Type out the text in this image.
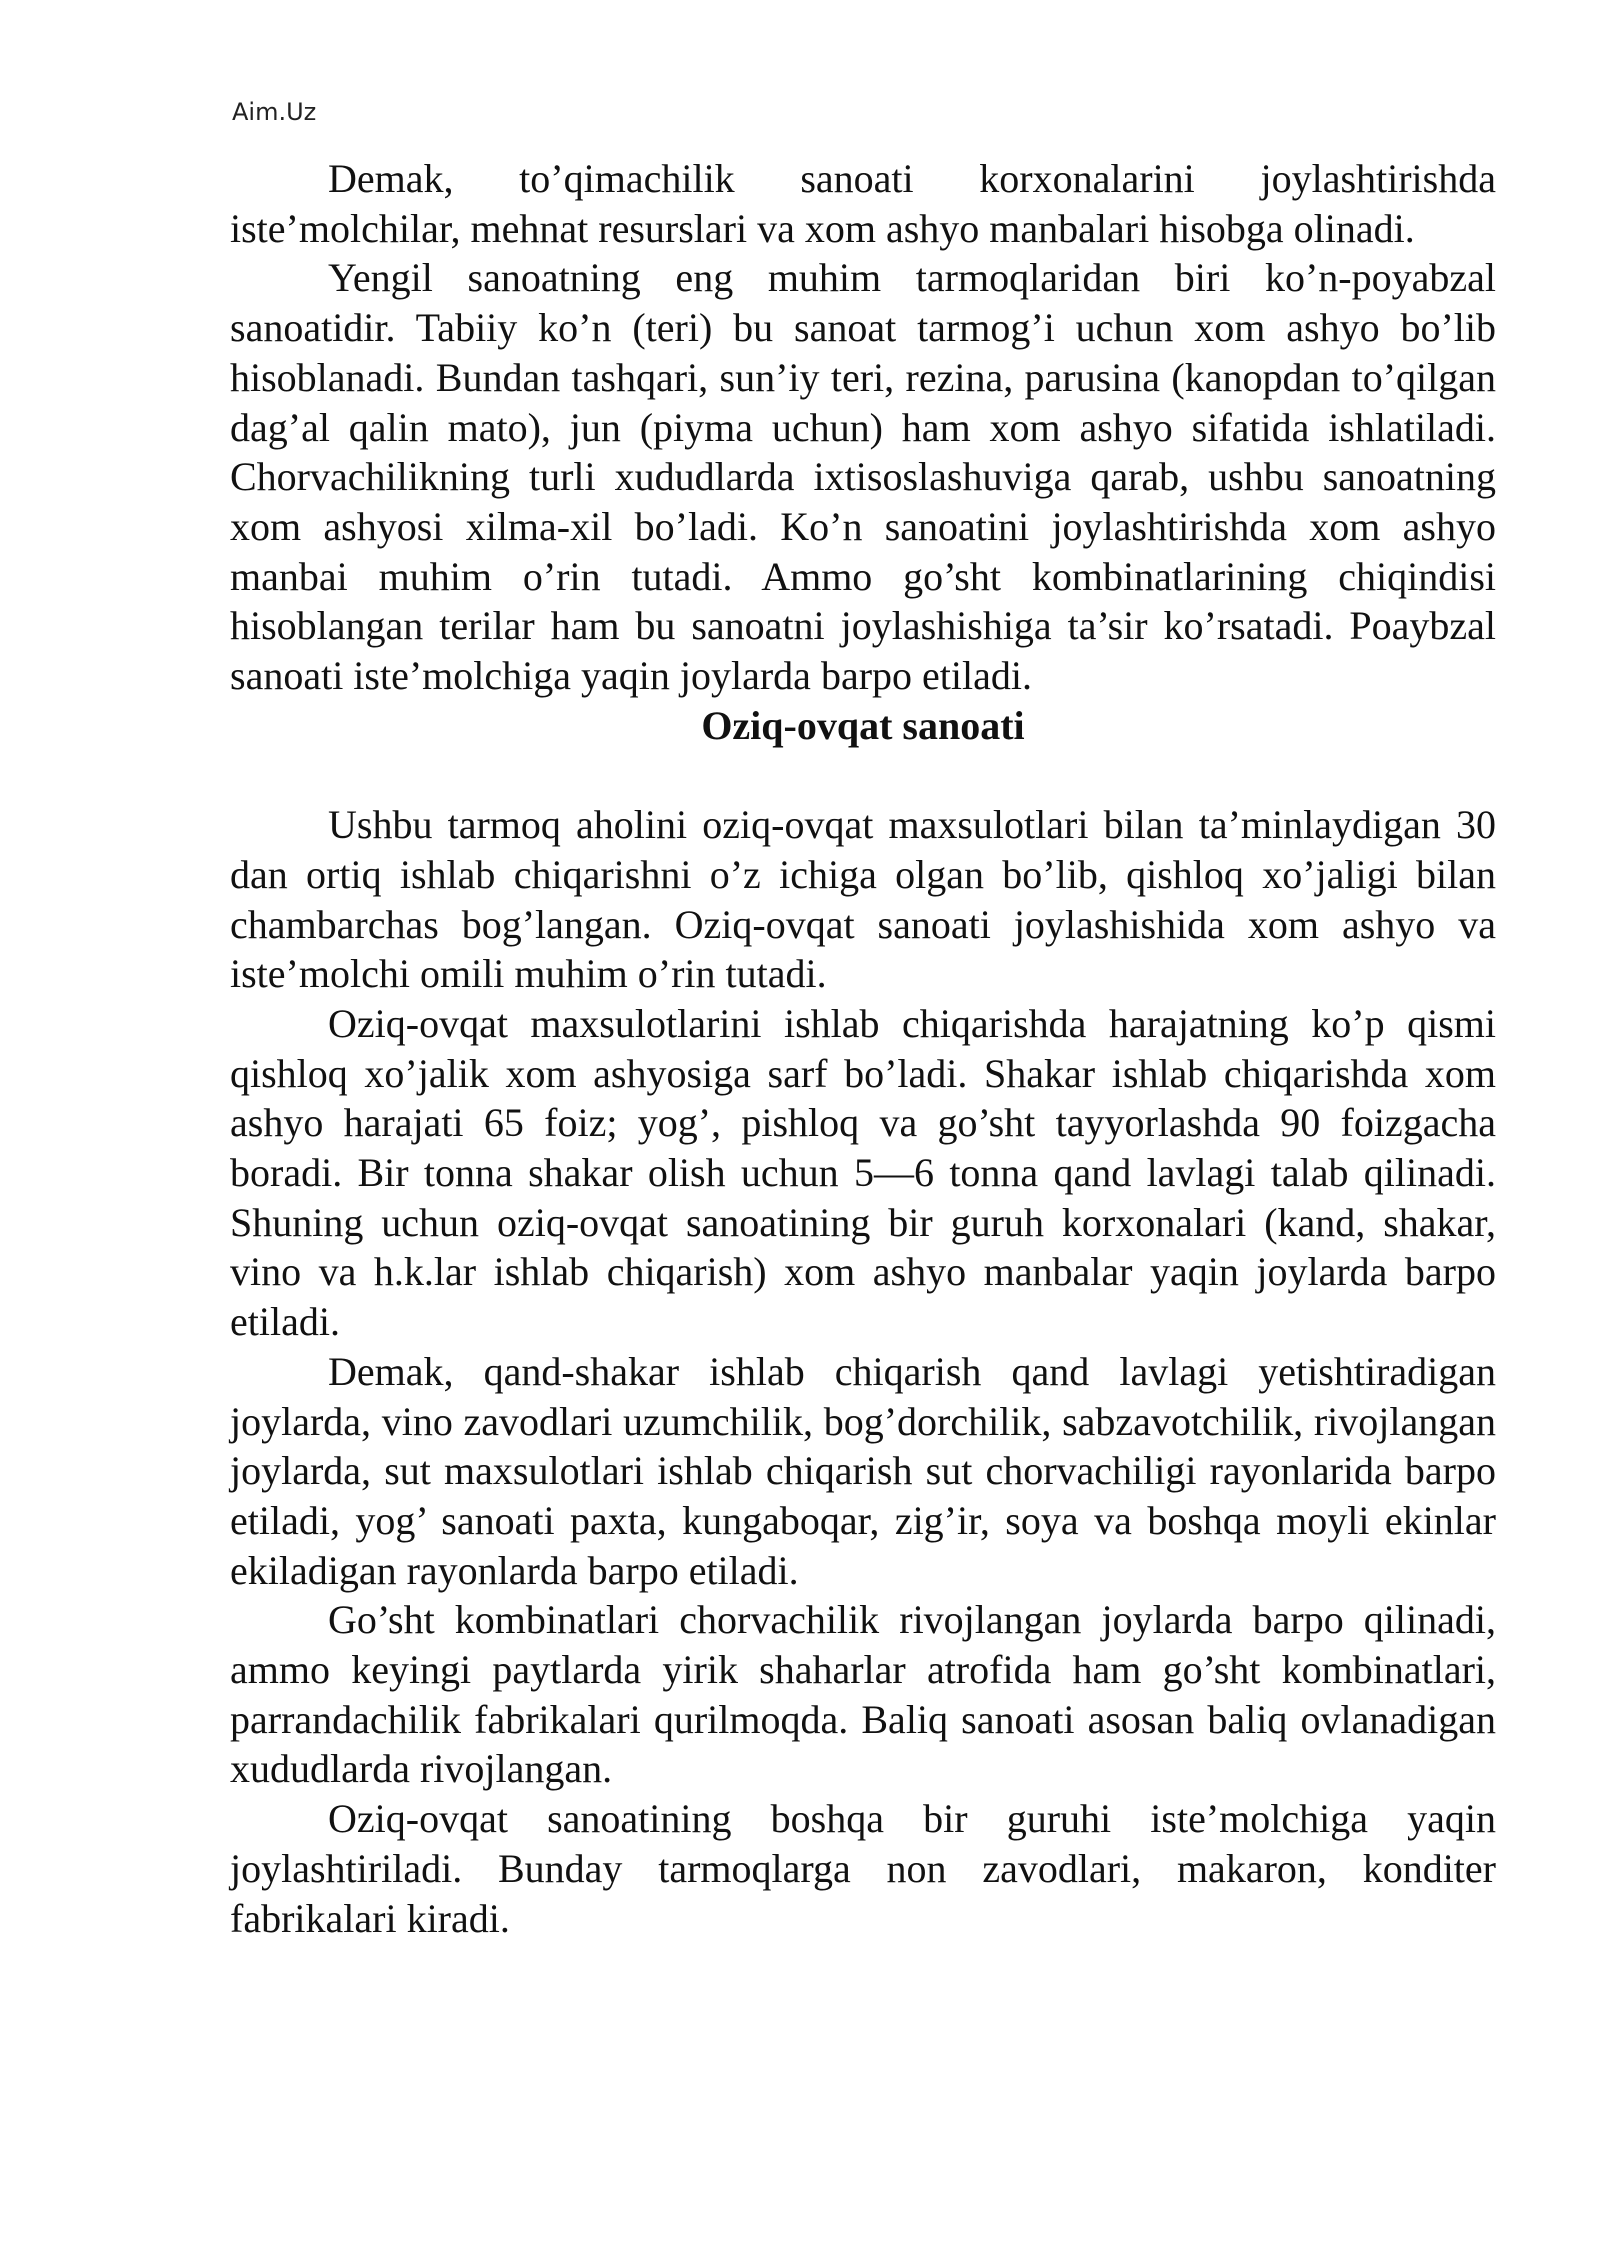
Aim.Uz

Demak, to’qimachilik sanoati korxonalarini joylashtirishda iste’molchilar, mehnat resurslari va xom ashyo manbalari hisobga olinadi.

Yengil sanoatning eng muhim tarmoqlaridan biri ko’n-poyabzal sanoatidir. Tabiiy ko’n (teri) bu sanoat tarmog’i uchun xom ashyo bo’lib hisoblanadi. Bundan tashqari, sun’iy teri, rezina, parusina (kanopdan to’qilgan dag’al qalin mato), jun (piyma uchun) ham xom ashyo sifatida ishlatiladi. Chorvachilikning turli xududlarda ixtisoslashuviga qarab, ushbu sanoatning xom ashyosi xilma-xil bo’ladi. Ko’n sanoatini joylashtirishda xom ashyo manbai muhim o’rin tutadi. Ammo go’sht kombinatlarining chiqindisi hisoblangan terilar ham bu sanoatni joylashishiga ta’sir ko’rsatadi. Poaybzal sanoati iste’molchiga yaqin joylarda barpo etiladi.

Oziq-ovqat sanoati

Ushbu tarmoq aholini oziq-ovqat maxsulotlari bilan ta’minlaydigan 30 dan ortiq ishlab chiqarishni o’z ichiga olgan bo’lib, qishloq xo’jaligi bilan chambarchas bog’langan. Oziq-ovqat sanoati joylashishida xom ashyo va iste’molchi omili muhim o’rin tutadi.

Oziq-ovqat maxsulotlarini ishlab chiqarishda harajatning ko’p qismi qishloq xo’jalik xom ashyosiga sarf bo’ladi. Shakar ishlab chiqarishda xom ashyo harajati 65 foiz; yog’, pishloq va go’sht tayyorlashda 90 foizgacha boradi. Bir tonna shakar olish uchun 5—6 tonna qand lavlagi talab qilinadi. Shuning uchun oziq-ovqat sanoatining bir guruh korxonalari (kand, shakar, vino va h.k.lar ishlab chiqarish) xom ashyo manbalar yaqin joylarda barpo etiladi.

Demak, qand-shakar ishlab chiqarish qand lavlagi yetishtiradigan joylarda, vino zavodlari uzumchilik, bog’dorchilik, sabzavotchilik, rivojlangan joylarda, sut maxsulotlari ishlab chiqarish sut chorvachiligi rayonlarida barpo etiladi, yog’ sanoati paxta, kungaboqar, zig’ir, soya va boshqa moyli ekinlar ekiladigan rayonlarda barpo etiladi.

Go’sht kombinatlari chorvachilik rivojlangan joylarda barpo qilinadi, ammo keyingi paytlarda yirik shaharlar atrofida ham go’sht kombinatlari, parrandachilik fabrikalari qurilmoqda. Baliq sanoati asosan baliq ovlanadigan xududlarda rivojlangan.

Oziq-ovqat sanoatining boshqa bir guruhi iste’molchiga yaqin joylashtiriladi. Bunday tarmoqlarga non zavodlari, makaron, konditer fabrikalari kiradi.
